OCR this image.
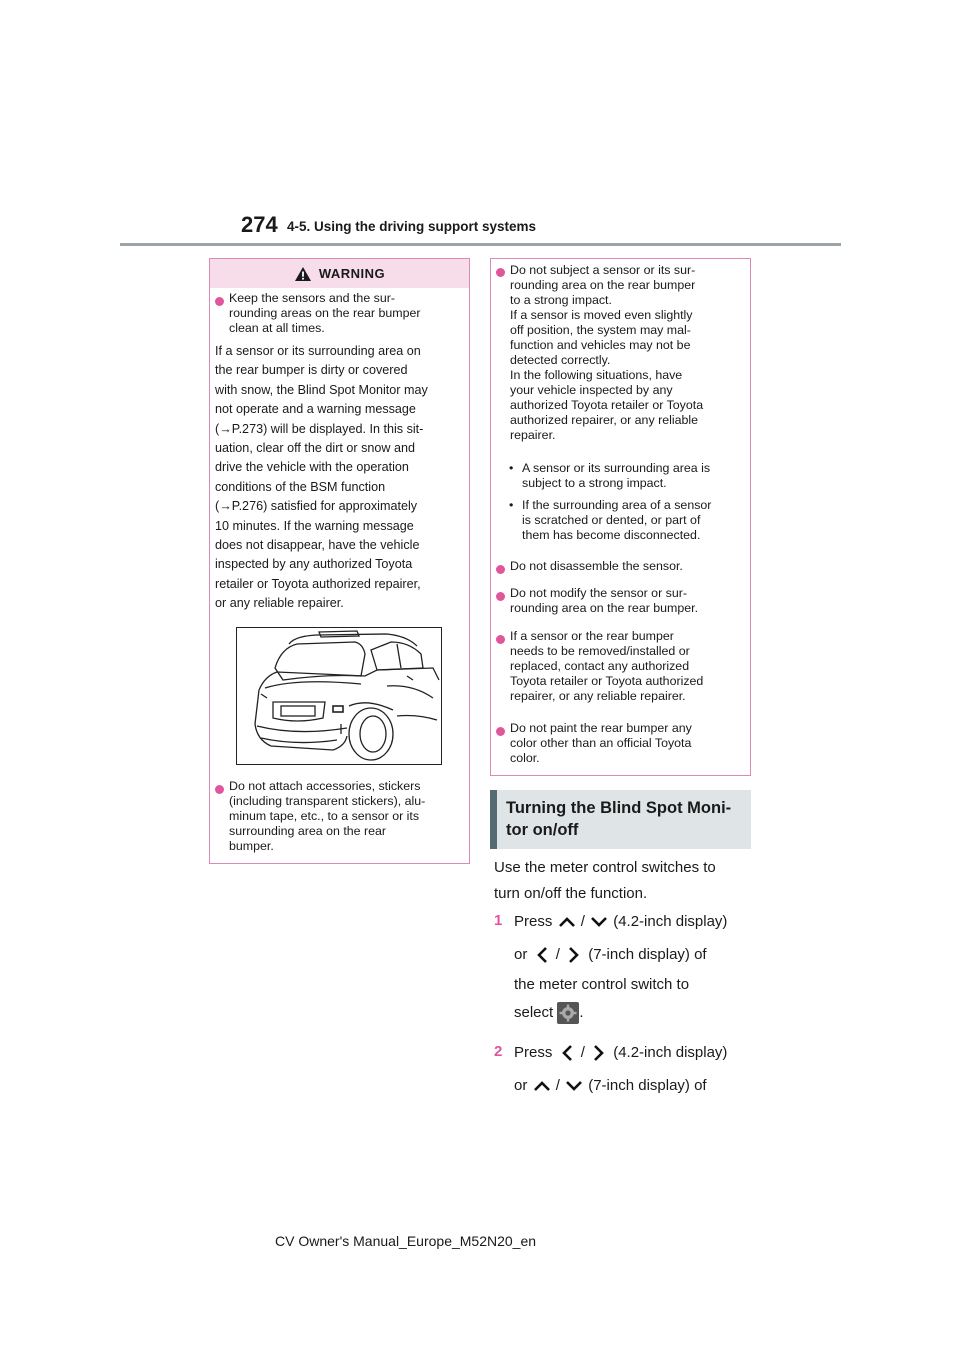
274 4-5. Using the driving support systems
WARNING
Keep the sensors and the sur-
rounding areas on the rear bumper
clean at all times.
If a sensor or its surrounding area on
the rear bumper is dirty or covered
with snow, the Blind Spot Monitor may
not operate and a warning message
(→P.273) will be displayed. In this sit-
uation, clear off the dirt or snow and
drive the vehicle with the operation
conditions of the BSM function
(→P.276) satisfied for approximately
10 minutes. If the warning message
does not disappear, have the vehicle
inspected by any authorized Toyota
retailer or Toyota authorized repairer,
or any reliable repairer.
Do not attach accessories, stickers
(including transparent stickers), alu-
minum tape, etc., to a sensor or its
surrounding area on the rear
bumper.
Do not subject a sensor or its sur-
rounding area on the rear bumper
to a strong impact.
If a sensor is moved even slightly
off position, the system may mal-
function and vehicles may not be
detected correctly.
In the following situations, have
your vehicle inspected by any
authorized Toyota retailer or Toyota
authorized repairer, or any reliable
repairer.
• A sensor or its surrounding area is
subject to a strong impact.
• If the surrounding area of a sensor
is scratched or dented, or part of
them has become disconnected.
Do not disassemble the sensor.
Do not modify the sensor or sur-
rounding area on the rear bumper.
If a sensor or the rear bumper
needs to be removed/installed or
replaced, contact any authorized
Toyota retailer or Toyota authorized
repairer, or any reliable repairer.
Do not paint the rear bumper any
color other than an official Toyota
color.
Turning the Blind Spot Moni-
tor on/off
Use the meter control switches to
turn on/off the function.
1 Press / (4.2-inch display)
or / (7-inch display) of
the meter control switch to
select .
2 Press / (4.2-inch display)
or / (7-inch display) of
CV Owner's Manual_Europe_M52N20_en
